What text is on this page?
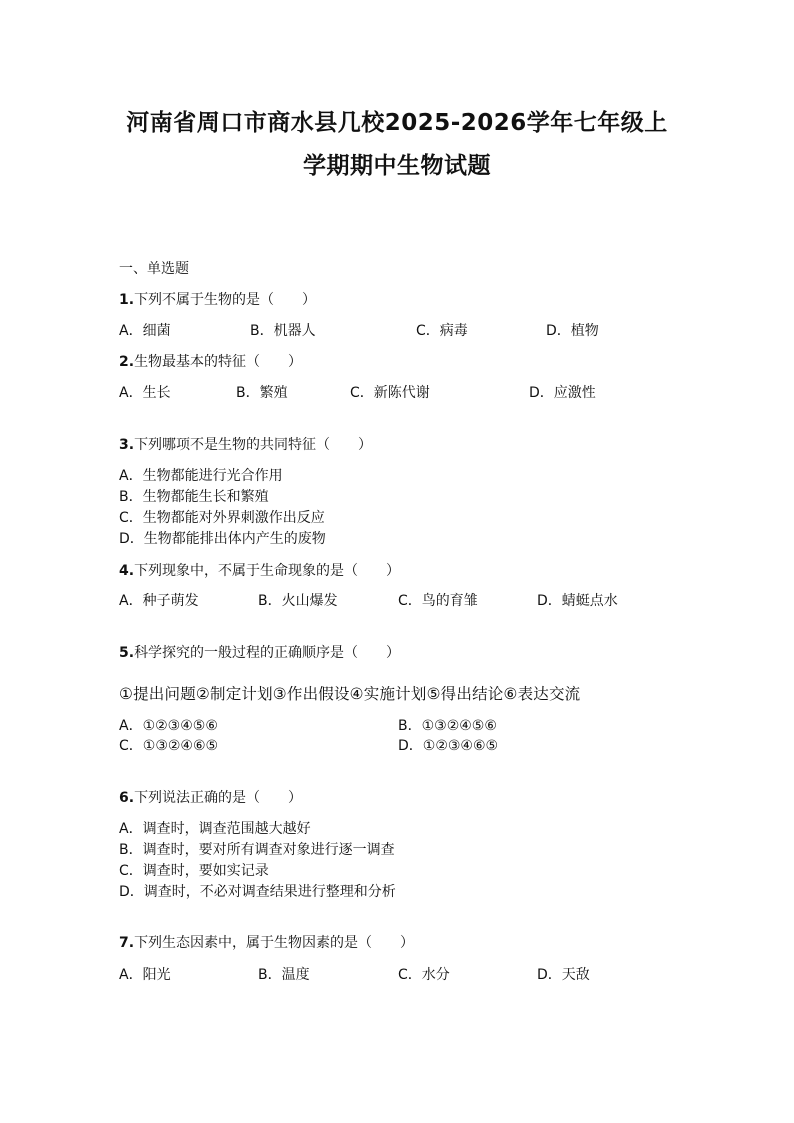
河南省周口市商水县几校2025-2026学年七年级上
学期期中生物试题
一、单选题
1.下列不属于生物的是（　　）
A．细菌	B．机器人	C．病毒	D．植物
2.生物最基本的特征（　　）
A．生长	B．繁殖	C．新陈代谢	D．应激性
3.下列哪项不是生物的共同特征（　　）
A．生物都能进行光合作用
B．生物都能生长和繁殖
C．生物都能对外界刺激作出反应
D．生物都能排出体内产生的废物
4.下列现象中，不属于生命现象的是（　　）
A．种子萌发	B．火山爆发	C．鸟的育雏	D．蜻蜓点水
5.科学探究的一般过程的正确顺序是（　　）
①提出问题②制定计划③作出假设④实施计划⑤得出结论⑥表达交流
A．①②③④⑤⑥	B．①③②④⑤⑥
C．①③②④⑥⑤	D．①②③④⑥⑤
6.下列说法正确的是（　　）
A．调查时，调查范围越大越好
B．调查时，要对所有调查对象进行逐一调查
C．调查时，要如实记录
D．调查时，不必对调查结果进行整理和分析
7.下列生态因素中，属于生物因素的是（　　）
A．阳光	B．温度	C．水分	D．天敌
